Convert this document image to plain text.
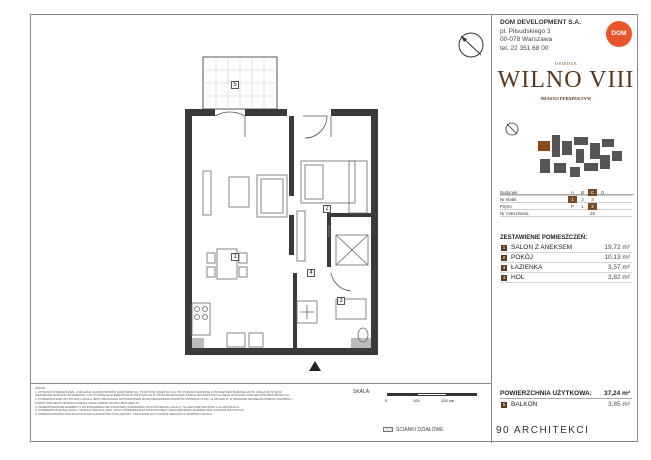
5
1
2
3
4
UWAGI:
1. RYSUNKI POMIESZCZEŃ, LOKALIZACJA PRZYBORÓW SANITARNYCH, PUNKTÓW ŚWIETLNYCH ITP. PODANO ZGODNIE Z PROJEKTEM BUDOWLANYM. MOGĄ WYSTĄPIĆ NIEWIELKIE RÓŻNICE WYMIARÓW I USYTUOWANIA ELEMENTÓW PUNKTOWYCH W TRAKCIE REALIZACJI PRAC BUDOWLANYCH ORAZ W WYNIKU PROJEKTÓW BRANŻOWYCH.
2. POWIERZCHNIĘ UŻYTKOWĄ LOKALU JEST OBLICZANA NA PODSTAWIE ROZPORZĄDZENIA MINISTRA ROZWOJU Z DN. 11.08.2020 R. W SPRAWIE SZCZEGÓŁOWEGO ZAKRESU I FORMY PROJEKTU BUDOWLANEGO ORAZ NORMY PN-ISO 9836:2022-10.
3. PRZEDSTAWIONE ELEMENTY WYPOSAŻENIA NIE STANOWIĄ STANDARDU WYKOŃCZENIA LOKALU, SĄ JEDYNIE PROPOZYCJĄ ARANŻACJI.
4. POWIERZCHNIA BALKONU / TARASU PODANA JEST JAKO POWIERZCHNIA POZIOMA BEZ UWZGLĘDNIENIA ELEMENTÓW KONSTRUKCYJNYCH.
5. PRZEDSTAWIONA WIZUALIZACJA MA CHARAKTER POGLĄDOWY, USTALENIE DOTYCZĄCE ARANŻACJI WNĘTRZ LOKALU.
SKALA:
0	100	200 cm
ŚCIANKI DZIAŁOWE
DOM DEVELOPMENT S.A.
pl. Piłsudskiego 3
00-078 Warszawa
tel. 22 351 68 00
DOM
OSIEDLE
WILNO VIII
MIASTO PERSPEKTYW
Budynek	A	B	C	D
Nr klatki	1	2	3
Piętro	P	1	2
Nr mieszkania	26
ZESTAWIENIE POMIESZCZEŃ:
1 SALON Z ANEKSEM	19,72 m²
2 POKÓJ	10,13 m²
3 ŁAZIENKA	3,57 m²
4 HOL	3,82 m²
POWIERZCHNIA UŻYTKOWA: 37,24 m²
5 BALKON	3,85 m²
90 ARCHITEKCI
